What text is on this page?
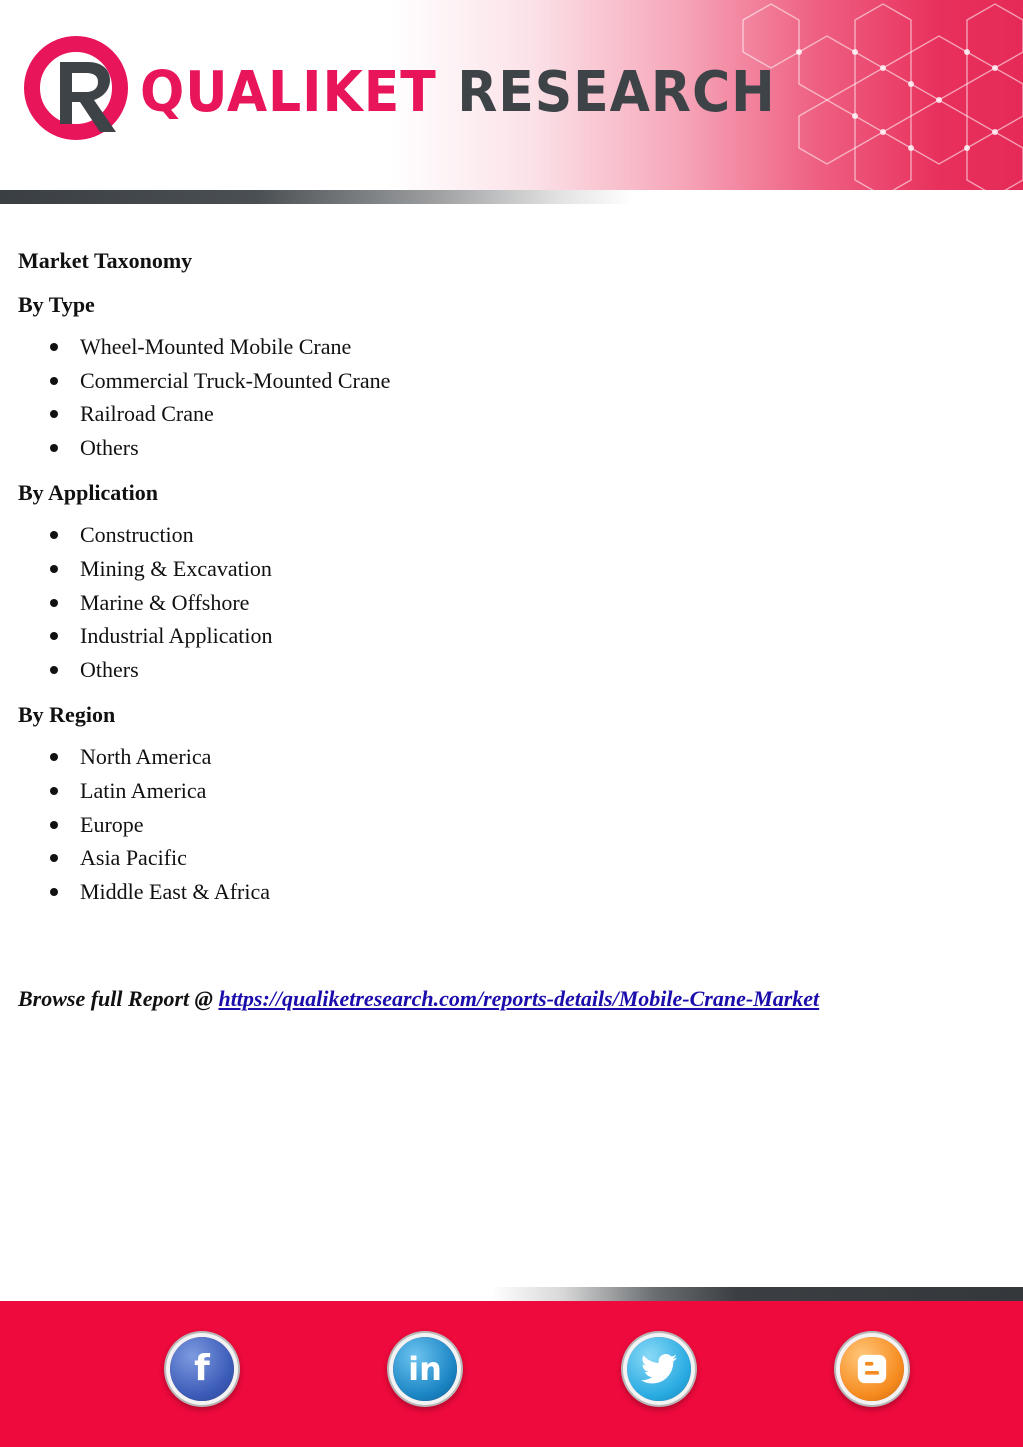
QUALIKET RESEARCH

Market Taxonomy

By Type

Wheel-Mounted Mobile Crane
Commercial Truck-Mounted Crane
Railroad Crane
Others

By Application

Construction
Mining & Excavation
Marine & Offshore
Industrial Application
Others

By Region

North America
Latin America
Europe
Asia Pacific
Middle East & Africa
Browse full Report @ https://qualiketresearch.com/reports-details/Mobile-Crane-Market
f	in
